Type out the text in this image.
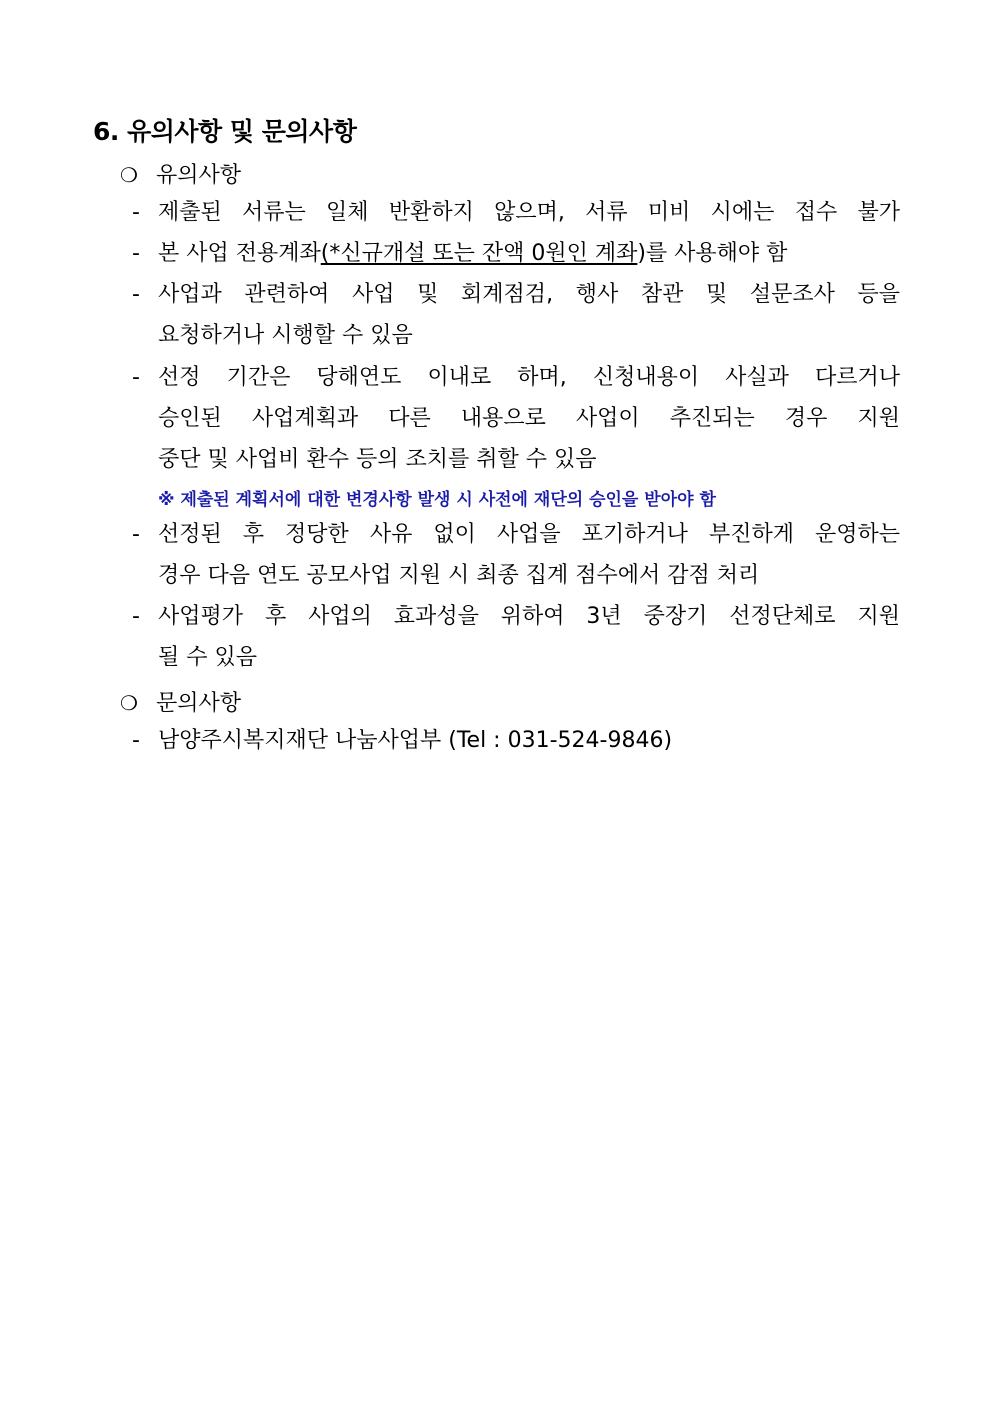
6. 유의사항 및 문의사항
❍ 유의사항
- 제출된 서류는 일체 반환하지 않으며, 서류 미비 시에는 접수 불가
- 본 사업 전용계좌(*신규개설 또는 잔액 0원인 계좌)를 사용해야 함
- 사업과 관련하여 사업 및 회계점검, 행사 참관 및 설문조사 등을
요청하거나 시행할 수 있음
- 선정 기간은 당해연도 이내로 하며, 신청내용이 사실과 다르거나
승인된 사업계획과 다른 내용으로 사업이 추진되는 경우 지원
중단 및 사업비 환수 등의 조치를 취할 수 있음
※ 제출된 계획서에 대한 변경사항 발생 시 사전에 재단의 승인을 받아야 함
- 선정된 후 정당한 사유 없이 사업을 포기하거나 부진하게 운영하는
경우 다음 연도 공모사업 지원 시 최종 집계 점수에서 감점 처리
- 사업평가 후 사업의 효과성을 위하여 3년 중장기 선정단체로 지원
될 수 있음
❍ 문의사항
- 남양주시복지재단 나눔사업부 (Tel : 031-524-9846)
